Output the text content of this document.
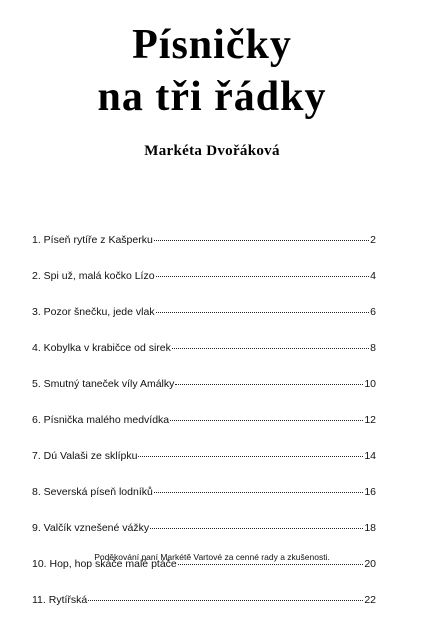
Písničky
na tři řádky
Markéta Dvořáková
1. Píseň rytíře z Kašperku	2
2. Spi už, malá kočko Lízo	4
3. Pozor šnečku, jede vlak	6
4. Kobylka v krabičce od sirek	8
5. Smutný taneček víly Amálky	10
6. Písnička malého medvídka	12
7. Dú Valaši ze sklípku	14
8. Severská píseň lodníků	16
9. Valčík vznešené vážky	18
10. Hop, hop skáče malé ptáče	20
11. Rytířská	22
Poděkování paní Markétě Vartové za cenné rady a zkušenosti.
